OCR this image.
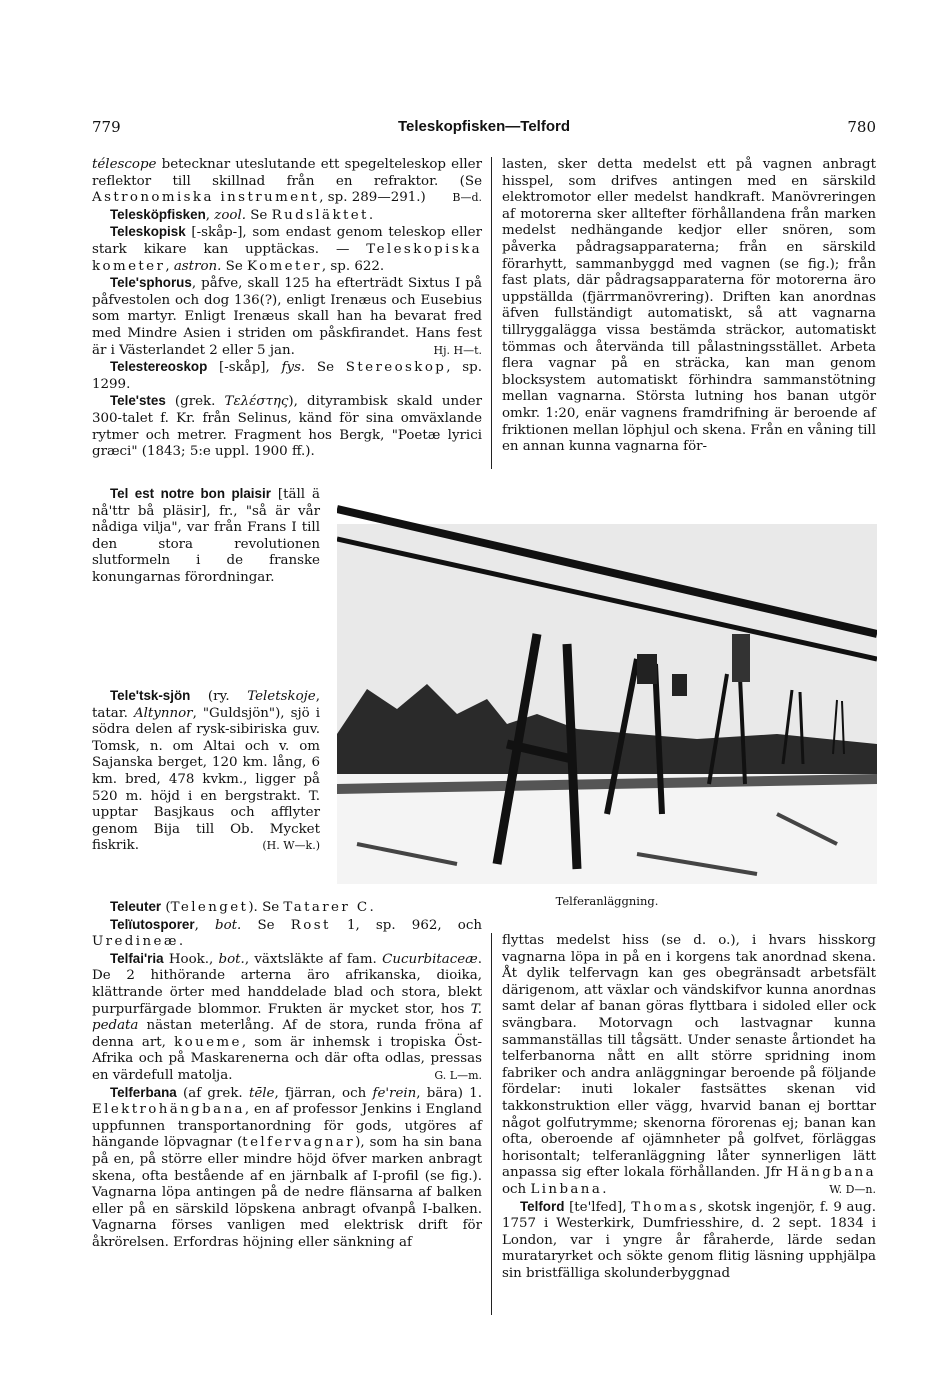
779	Teleskopfisken—Telford	780

télescope betecknar uteslutande ett spegelteleskop eller reflektor till skillnad från en refraktor. (Se Astronomiska instrument, sp. 289—291.) B—d.

Telesköpfisken, zool. Se Rudsläktet.

Teleskopisk [-skåp-], som endast genom teleskop eller stark kikare kan upptäckas. — Teleskopiska kometer, astron. Se Kometer, sp. 622.

Tele'sphorus, påfve, skall 125 ha efterträdt Sixtus I på påfvestolen och dog 136(?), enligt Irenæus och Eusebius som martyr. Enligt Irenæus skall han ha bevarat fred med Mindre Asien i striden om påskfirandet. Hans fest är i Västerlandet 2 eller 5 jan.	Hj. H—t.

Telestereoskop [-skåp], fys. Se Stereoskop, sp. 1299.

Tele'stes (grek. Τελέστης), dityrambisk skald under 300-talet f. Kr. från Selinus, känd för sina omväxlande rytmer och metrer. Fragment hos Bergk, "Poetæ lyrici græci" (1843; 5:e uppl. 1900 ff.).

lasten, sker detta medelst ett på vagnen anbragt hisspel, som drifves antingen med en särskild elektromotor eller medelst handkraft. Manövreringen af motorerna sker alltefter förhållandena från marken medelst nedhängande kedjor eller snören, som påverka pådragsapparaterna; från en särskild förarhytt, sammanbyggd med vagnen (se fig.); från fast plats, där pådragsapparaterna för motorerna äro uppställda (fjärrmanövrering). Driften kan anordnas äfven fullständigt automatiskt, så att vagnarna tillryggalägga vissa bestämda sträckor, automatiskt tömmas och återvända till pålastningsstället. Arbeta flera vagnar på en sträcka, kan man genom blocksystem automatiskt förhindra sammanstötning mellan vagnarna. Största lutning hos banan utgör omkr. 1:20, enär vagnens framdrifning är beroende af friktionen mellan löphjul och skena. Från en våning till en annan kunna vagnarna för-

Telferanläggning.

flyttas medelst hiss (se d. o.), i hvars hisskorg vagnarna löpa in på en i korgens tak anordnad skena. Åt dylik telfervagn kan ges obegränsadt arbetsfält därigenom, att växlar och vändskifvor kunna anordnas samt delar af banan göras flyttbara i sidoled eller ock svängbara. Motorvagn och lastvagnar kunna sammanställas till tågsätt. Under senaste årtiondet ha telferbanorna nått en allt större spridning inom fabriker och andra anläggningar beroende på följande fördelar: inuti lokaler fastsättes skenan vid takkonstruktion eller vägg, hvarvid banan ej borttar något golfutrymme; skenorna förorenas ej; banan kan ofta, oberoende af ojämnheter på golfvet, förläggas horisontalt; telferanläggning låter synnerligen lätt anpassa sig efter lokala förhållanden. Jfr Hängbana och Linbana.	W. D—n.

Telford [te'lfed], Thomas, skotsk ingenjör, f. 9 aug. 1757 i Westerkirk, Dumfriesshire, d. 2 sept. 1834 i London, var i yngre år fåraherde, lärde sedan murataryrket och sökte genom flitig läsning upphjälpa sin bristfälliga skolunderbyggnad

Tel est notre bon plaisir [täll ä nå'ttr bå pläsir], fr., "så är vår nådiga vilja", var från Frans I till den stora revolutionen slutformeln i de franske konungarnas förordningar.

Tele'tsk-sjön (ry. Teletskoje, tatar. Altynnor, "Guldsjön"), sjö i södra delen af rysk-sibiriska guv. Tomsk, n. om Altai och v. om Sajanska berget, 120 km. lång, 6 km. bred, 478 kvkm., ligger på 520 m. höjd i en bergstrakt. T. upptar Basjkaus och afflyter genom Bija till Ob. Mycket fiskrik.	(H. W—k.)

Teleuter (Telenget). Se Tatarer C.

Telïutosporer, bot. Se Rost 1, sp. 962, och Uredineæ.

Telfai'ria Hook., bot., växtsläkte af fam. Cucurbitaceæ. De 2 hithörande arterna äro afrikanska, dioika, klättrande örter med handdelade blad och stora, blekt purpurfärgade blommor. Frukten är mycket stor, hos T. pedata nästan meterlång. Af de stora, runda fröna af denna art, koueme, som är inhemsk i tropiska Öst-Afrika och på Maskarenerna och där ofta odlas, pressas en värdefull matolja.	G. L—m.

Telferbana (af grek. tēle, fjärran, och fe'rein, bära) 1. Elektrohängbana, en af professor Jenkins i England uppfunnen transportanordning för gods, utgöres af hängande löpvagnar (telfervagnar), som ha sin bana på en, på större eller mindre höjd öfver marken anbragt skena, ofta bestående af en järnbalk af I-profil (se fig.). Vagnarna löpa antingen på de nedre flänsarna af balken eller på en särskild löpskena anbragt ofvanpå I-balken. Vagnarna förses vanligen med elektrisk drift för åkrörelsen. Erfordras höjning eller sänkning af
